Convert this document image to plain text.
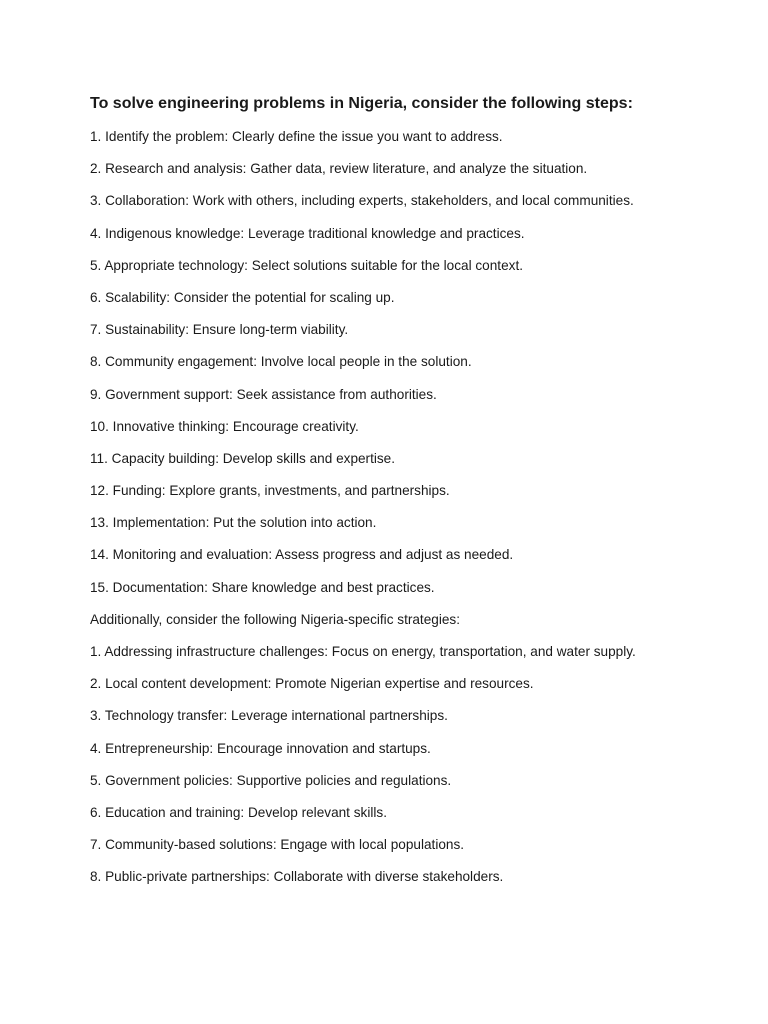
To solve engineering problems in Nigeria, consider the following steps:

1. Identify the problem: Clearly define the issue you want to address.

2. Research and analysis: Gather data, review literature, and analyze the situation.

3. Collaboration: Work with others, including experts, stakeholders, and local communities.

4. Indigenous knowledge: Leverage traditional knowledge and practices.

5. Appropriate technology: Select solutions suitable for the local context.

6. Scalability: Consider the potential for scaling up.

7. Sustainability: Ensure long-term viability.

8. Community engagement: Involve local people in the solution.

9. Government support: Seek assistance from authorities.

10. Innovative thinking: Encourage creativity.

11. Capacity building: Develop skills and expertise.

12. Funding: Explore grants, investments, and partnerships.

13. Implementation: Put the solution into action.

14. Monitoring and evaluation: Assess progress and adjust as needed.

15. Documentation: Share knowledge and best practices.

Additionally, consider the following Nigeria-specific strategies:

1. Addressing infrastructure challenges: Focus on energy, transportation, and water supply.

2. Local content development: Promote Nigerian expertise and resources.

3. Technology transfer: Leverage international partnerships.

4. Entrepreneurship: Encourage innovation and startups.

5. Government policies: Supportive policies and regulations.

6. Education and training: Develop relevant skills.

7. Community-based solutions: Engage with local populations.

8. Public-private partnerships: Collaborate with diverse stakeholders.
